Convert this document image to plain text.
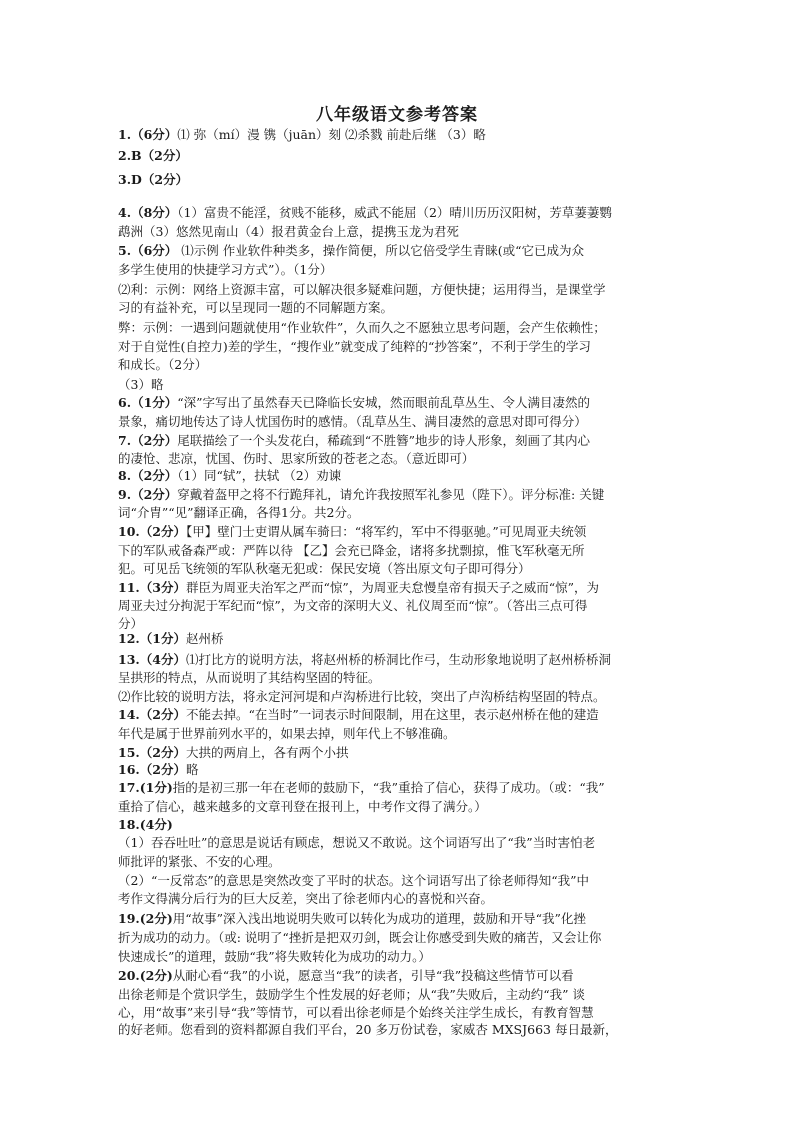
八年级语文参考答案
1.（6分）⑴ 弥（mí）漫 镌（juān）刻 ⑵杀戮 前赴后继 （3）略
2.B（2分）
3.D（2分）
4.（8分）（1）富贵不能淫，贫贱不能移，威武不能屈（2）晴川历历汉阳树，芳草萋萋鹦
鹉洲（3）悠然见南山（4）报君黄金台上意，提携玉龙为君死
5.（6分） ⑴示例 作业软件种类多，操作简便，所以它倍受学生青睐(或“它已成为众
多学生使用的快捷学习方式”）。（1分）
⑵利：示例：网络上资源丰富，可以解决很多疑难问题，方便快捷；运用得当，是课堂学
习的有益补充，可以呈现同一题的不同解题方案。
弊：示例：一遇到问题就使用“作业软件”，久而久之不愿独立思考问题，会产生依赖性；
对于自觉性(自控力)差的学生，“搜作业”就变成了纯粹的“抄答案”，不利于学生的学习
和成长。（2分）
（3）略
6.（1分）“深”字写出了虽然春天已降临长安城，然而眼前乱草丛生、令人满目凄然的
景象，痛切地传达了诗人忧国伤时的感情。（乱草丛生、满目凄然的意思对即可得分）
7.（2分）尾联描绘了一个头发花白，稀疏到“不胜簪”地步的诗人形象，刻画了其内心
的凄怆、悲凉，忧国、伤时、思家所致的苍老之态。（意近即可）
8.（2分）（1）同“轼”，扶轼 （2）劝谏
9.（2分）穿戴着盔甲之将不行跪拜礼，请允许我按照军礼参见（陛下）。评分标准: 关键
词“介胄”“见”翻译正确，各得1分。共2分。
10.（2分）【甲】壁门士吏谓从属车骑曰：“将军约，军中不得驱驰。”可见周亚夫统领
下的军队戒备森严或：严阵以待 【乙】会充已降金，诸将多扰剽掠，惟飞军秋毫无所
犯。可见岳飞统领的军队秋毫无犯或：保民安境（答出原文句子即可得分）
11.（3分）群臣为周亚夫治军之严而“惊”，为周亚夫怠慢皇帝有损天子之威而“惊”，为
周亚夫过分拘泥于军纪而“惊”，为文帝的深明大义、礼仪周至而“惊”。（答出三点可得
分）
12.（1分）赵州桥
13.（4分）⑴打比方的说明方法，将赵州桥的桥洞比作弓，生动形象地说明了赵州桥桥洞
呈拱形的特点，从而说明了其结构坚固的特征。
⑵作比较的说明方法，将永定河河堤和卢沟桥进行比较，突出了卢沟桥结构坚固的特点。
14.（2分）不能去掉。“在当时”一词表示时间限制，用在这里，表示赵州桥在他的建造
年代是属于世界前列水平的，如果去掉，则年代上不够准确。
15.（2分）大拱的两肩上，各有两个小拱
16.（2分）略
17.(1分)指的是初三那一年在老师的鼓励下，“我”重拾了信心，获得了成功。（或：“我”
重拾了信心，越来越多的文章刊登在报刊上，中考作文得了满分。）
18.(4分)
（1）吞吞吐吐”的意思是说话有顾虑，想说又不敢说。这个词语写出了“我”当时害怕老
师批评的紧张、不安的心理。
（2）“一反常态”的意思是突然改变了平时的状态。这个词语写出了徐老师得知“我”中
考作文得满分后行为的巨大反差，突出了徐老师内心的喜悦和兴奋。
19.(2分)用“故事”深入浅出地说明失败可以转化为成功的道理，鼓励和开导“我”化挫
折为成功的动力。（或: 说明了“挫折是把双刃剑，既会让你感受到失败的痛苦，又会让你
快速成长”的道理，鼓励“我”将失败转化为成功的动力。）
20.(2分)从耐心看“我”的小说，愿意当“我”的读者，引导“我”投稿这些情节可以看
出徐老师是个赏识学生，鼓励学生个性发展的好老师；从“我”失败后，主动约“我” 谈
心，用“故事”来引导“我”等情节，可以看出徐老师是个始终关注学生成长，有教育智慧
的好老师。您看到的资料都源自我们平台，20 多万份试卷，家威杏 MXSJ663 每日最新，
